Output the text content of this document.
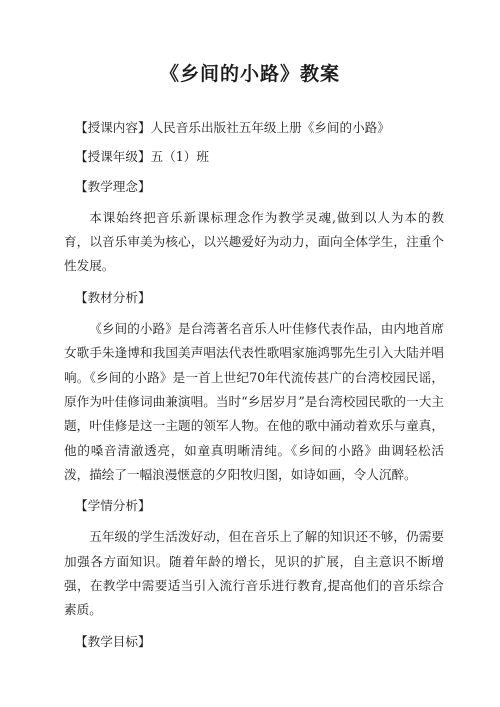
《乡间的小路》教案
【授课内容】人民音乐出版社五年级上册《乡间的小路》
【授课年级】五（1）班
【教学理念】
本课始终把音乐新课标理念作为教学灵魂,做到以人为本的教育，以音乐审美为核心，以兴趣爱好为动力，面向全体学生，注重个性发展。
【教材分析】
《乡间的小路》是台湾著名音乐人叶佳修代表作品，由内地首席女歌手朱逢博和我国美声唱法代表性歌唱家施鸿鄂先生引入大陆并唱响。《乡间的小路》是一首上世纪70年代流传甚广的台湾校园民谣，原作为叶佳修词曲兼演唱。当时“乡居岁月”是台湾校园民歌的一大主题，叶佳修是这一主题的领军人物。在他的歌中涌动着欢乐与童真，他的嗓音清澈透亮，如童真明晰清纯。《乡间的小路》曲调轻松活泼，描绘了一幅浪漫惬意的夕阳牧归图，如诗如画，令人沉醉。
【学情分析】
五年级的学生活泼好动，但在音乐上了解的知识还不够，仍需要加强各方面知识。随着年龄的增长，见识的扩展，自主意识不断增强，在教学中需要适当引入流行音乐进行教育,提高他们的音乐综合素质。
【教学目标】
